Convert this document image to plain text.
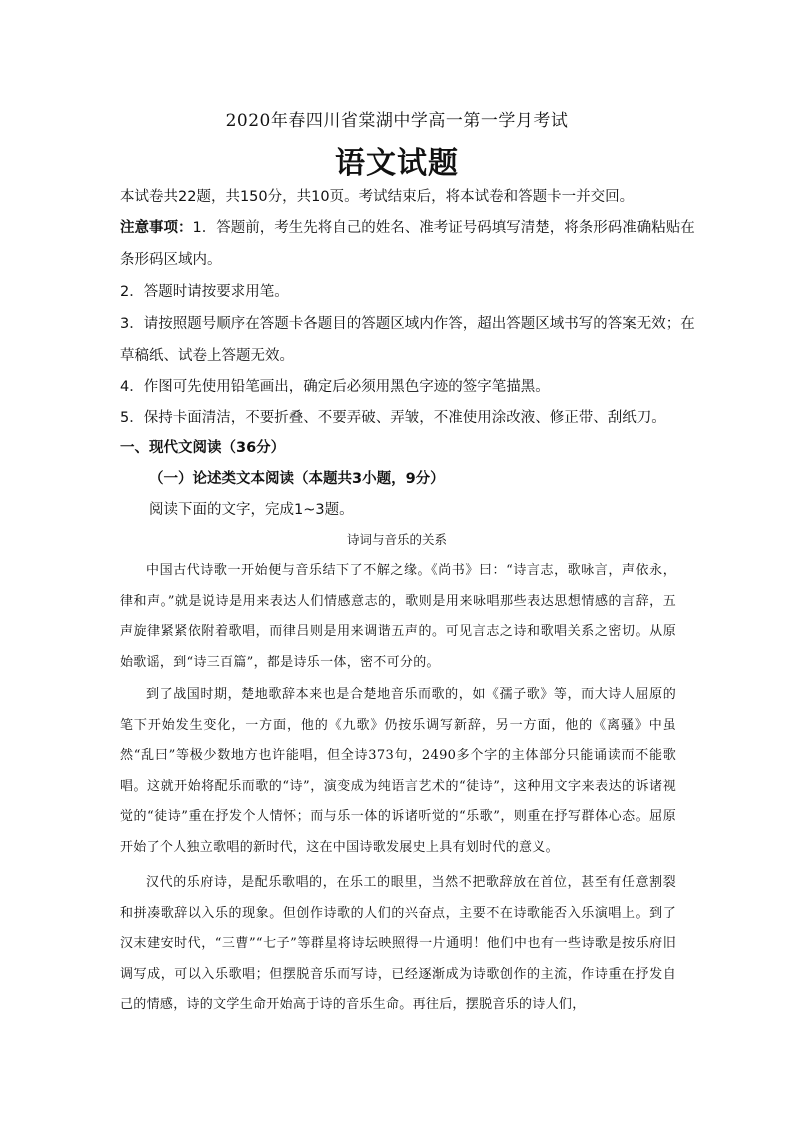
2020年春四川省棠湖中学高一第一学月考试
语文试题
本试卷共22题，共150分，共10页。考试结束后，将本试卷和答题卡一并交回。
注意事项：1．答题前，考生先将自己的姓名、准考证号码填写清楚，将条形码准确粘贴在
条形码区域内。
2．答题时请按要求用笔。
3．请按照题号顺序在答题卡各题目的答题区域内作答，超出答题区域书写的答案无效；在
草稿纸、试卷上答题无效。
4．作图可先使用铅笔画出，确定后必须用黑色字迹的签字笔描黑。
5．保持卡面清洁，不要折叠、不要弄破、弄皱，不准使用涂改液、修正带、刮纸刀。
一、现代文阅读（36分）
（一）论述类文本阅读（本题共3小题，9分）
阅读下面的文字，完成1~3题。
诗词与音乐的关系
中国古代诗歌一开始便与音乐结下了不解之缘。《尚书》曰：“诗言志，歌咏言，声依永，律和声。”就是说诗是用来表达人们情感意志的，歌则是用来咏唱那些表达思想情感的言辞，五声旋律紧紧依附着歌唱，而律吕则是用来调谐五声的。可见言志之诗和歌唱关系之密切。从原始歌谣，到“诗三百篇”，都是诗乐一体，密不可分的。
到了战国时期，楚地歌辞本来也是合楚地音乐而歌的，如《孺子歌》等，而大诗人屈原的笔下开始发生变化，一方面，他的《九歌》仍按乐调写新辞，另一方面，他的《离骚》中虽然“乱曰”等极少数地方也许能唱，但全诗373句，2490多个字的主体部分只能诵读而不能歌唱。这就开始将配乐而歌的“诗”，演变成为纯语言艺术的“徒诗”，这种用文字来表达的诉诸视觉的“徒诗”重在抒发个人情怀；而与乐一体的诉诸听觉的“乐歌”，则重在抒写群体心态。屈原开始了个人独立歌唱的新时代，这在中国诗歌发展史上具有划时代的意义。
汉代的乐府诗，是配乐歌唱的，在乐工的眼里，当然不把歌辞放在首位，甚至有任意割裂和拼凑歌辞以入乐的现象。但创作诗歌的人们的兴奋点，主要不在诗歌能否入乐演唱上。到了汉末建安时代，“三曹”“七子”等群星将诗坛映照得一片通明！他们中也有一些诗歌是按乐府旧调写成，可以入乐歌唱；但摆脱音乐而写诗，已经逐渐成为诗歌创作的主流，作诗重在抒发自己的情感，诗的文学生命开始高于诗的音乐生命。再往后，摆脱音乐的诗人们，
